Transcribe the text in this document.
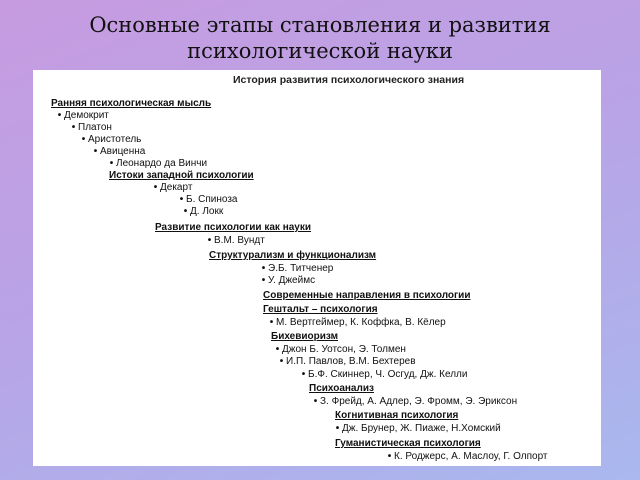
Основные этапы становления и развития
психологической науки
История развития психологического знания
Ранняя психологическая мысль
• Демокрит
• Платон
• Аристотель
• Авиценна
• Леонардо да Винчи
Истоки западной психологии
• Декарт
• Б. Спиноза
• Д. Локк
Развитие психологии как науки
• В.М. Вундт
Структурализм и функционализм
• Э.Б. Титченер
• У. Джеймс
Современные направления в психологии
Гештальт – психология
• М. Вертгеймер, К. Коффка, В. Кёлер
Бихевиоризм
• Джон Б. Уотсон, Э. Толмен
• И.П. Павлов, В.М. Бехтерев
• Б.Ф. Скиннер, Ч. Осгуд, Дж. Келли
Психоанализ
• З. Фрейд, А. Адлер, Э. Фромм, Э. Эриксон
Когнитивная психология
• Дж. Брунер, Ж. Пиаже, Н.Хомский
Гуманистическая психология
• К. Роджерс, А. Маслоу, Г. Олпорт
